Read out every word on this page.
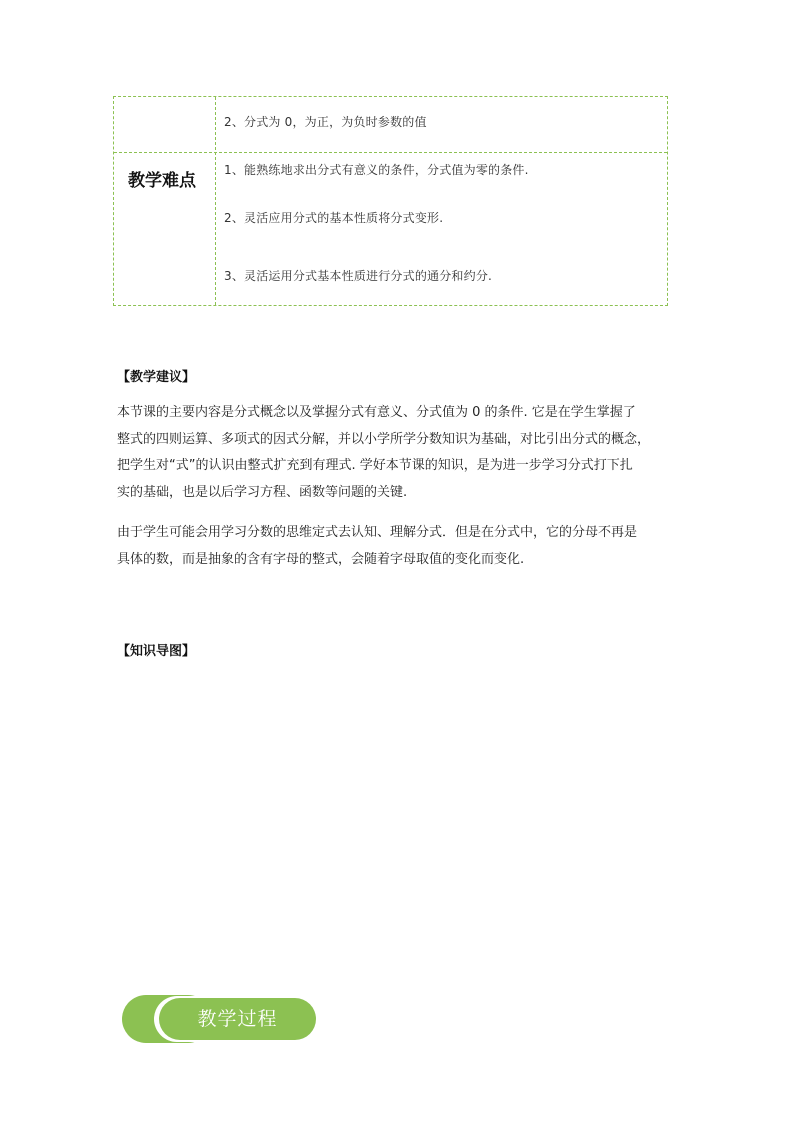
2、分式为 0，为正，为负时参数的值
教学难点
1、能熟练地求出分式有意义的条件，分式值为零的条件.
2、灵活应用分式的基本性质将分式变形.
3、灵活运用分式基本性质进行分式的通分和约分.
【教学建议】

本节课的主要内容是分式概念以及掌握分式有意义、分式值为 0 的条件. 它是在学生掌握了
整式的四则运算、多项式的因式分解，并以小学所学分数知识为基础，对比引出分式的概念，
把学生对“式”的认识由整式扩充到有理式. 学好本节课的知识，是为进一步学习分式打下扎
实的基础，也是以后学习方程、函数等问题的关键.

由于学生可能会用学习分数的思维定式去认知、理解分式．但是在分式中，它的分母不再是
具体的数，而是抽象的含有字母的整式，会随着字母取值的变化而变化.

【知识导图】
教学过程
